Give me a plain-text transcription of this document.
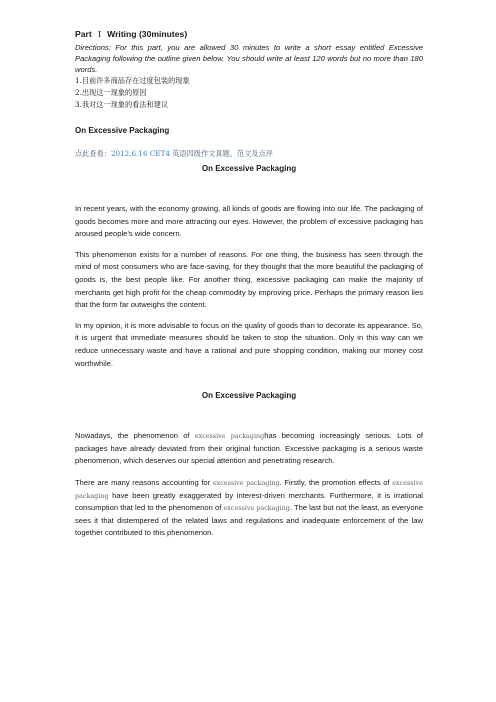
Part Ⅰ Writing (30minutes)

Directions: For this part, you are allowed 30 minutes to write a short essay entitled Excessive Packaging following the outline given below. You should write at least 120 words but no more than 180 words.

1.目前许多商品存在过度包装的现象
2.出现这一现象的原因
3.我对这一现象的看法和建议

On Excessive Packaging

点此查看：2012.6.16 CET4 英语四级作文真题、范文及点评

On Excessive Packaging

In recent years, with the economy growing, all kinds of goods are flowing into our life. The packaging of goods becomes more and more attracting our eyes. However, the problem of excessive packaging has aroused people’s wide concern.

This phenomenon exists for a number of reasons. For one thing, the business has seen through the mind of most consumers who are face-saving, for they thought that the more beautiful the packaging of goods is, the best people like. For another thing, excessive packaging can make the majority of merchants get high profit for the cheap commodity by improving price. Perhaps the primary reason lies that the form far outweighs the content.

In my opinion, it is more advisable to focus on the quality of goods than to decorate its appearance. So, it is urgent that immediate measures should be taken to stop the situation. Only in this way can we reduce unnecessary waste and have a rational and pure shopping condition, making our money cost worthwhile.

On Excessive Packaging

Nowadays, the phenomenon of excessive packaginghas becoming increasingly serious. Lots of packages have already deviated from their original function. Excessive packaging is a serious waste phenomenon, which deserves our special attention and penetrating research.

There are many reasons accounting for excessive packaging. Firstly, the promotion effects of excessive packaging have been greatly exaggerated by interest-driven merchants. Furthermore, it is irrational consumption that led to the phenomenon of excessive packaging. The last but not the least, as everyone sees it that distempered of the related laws and regulations and inadequate enforcement of the law together contributed to this phenomenon.
